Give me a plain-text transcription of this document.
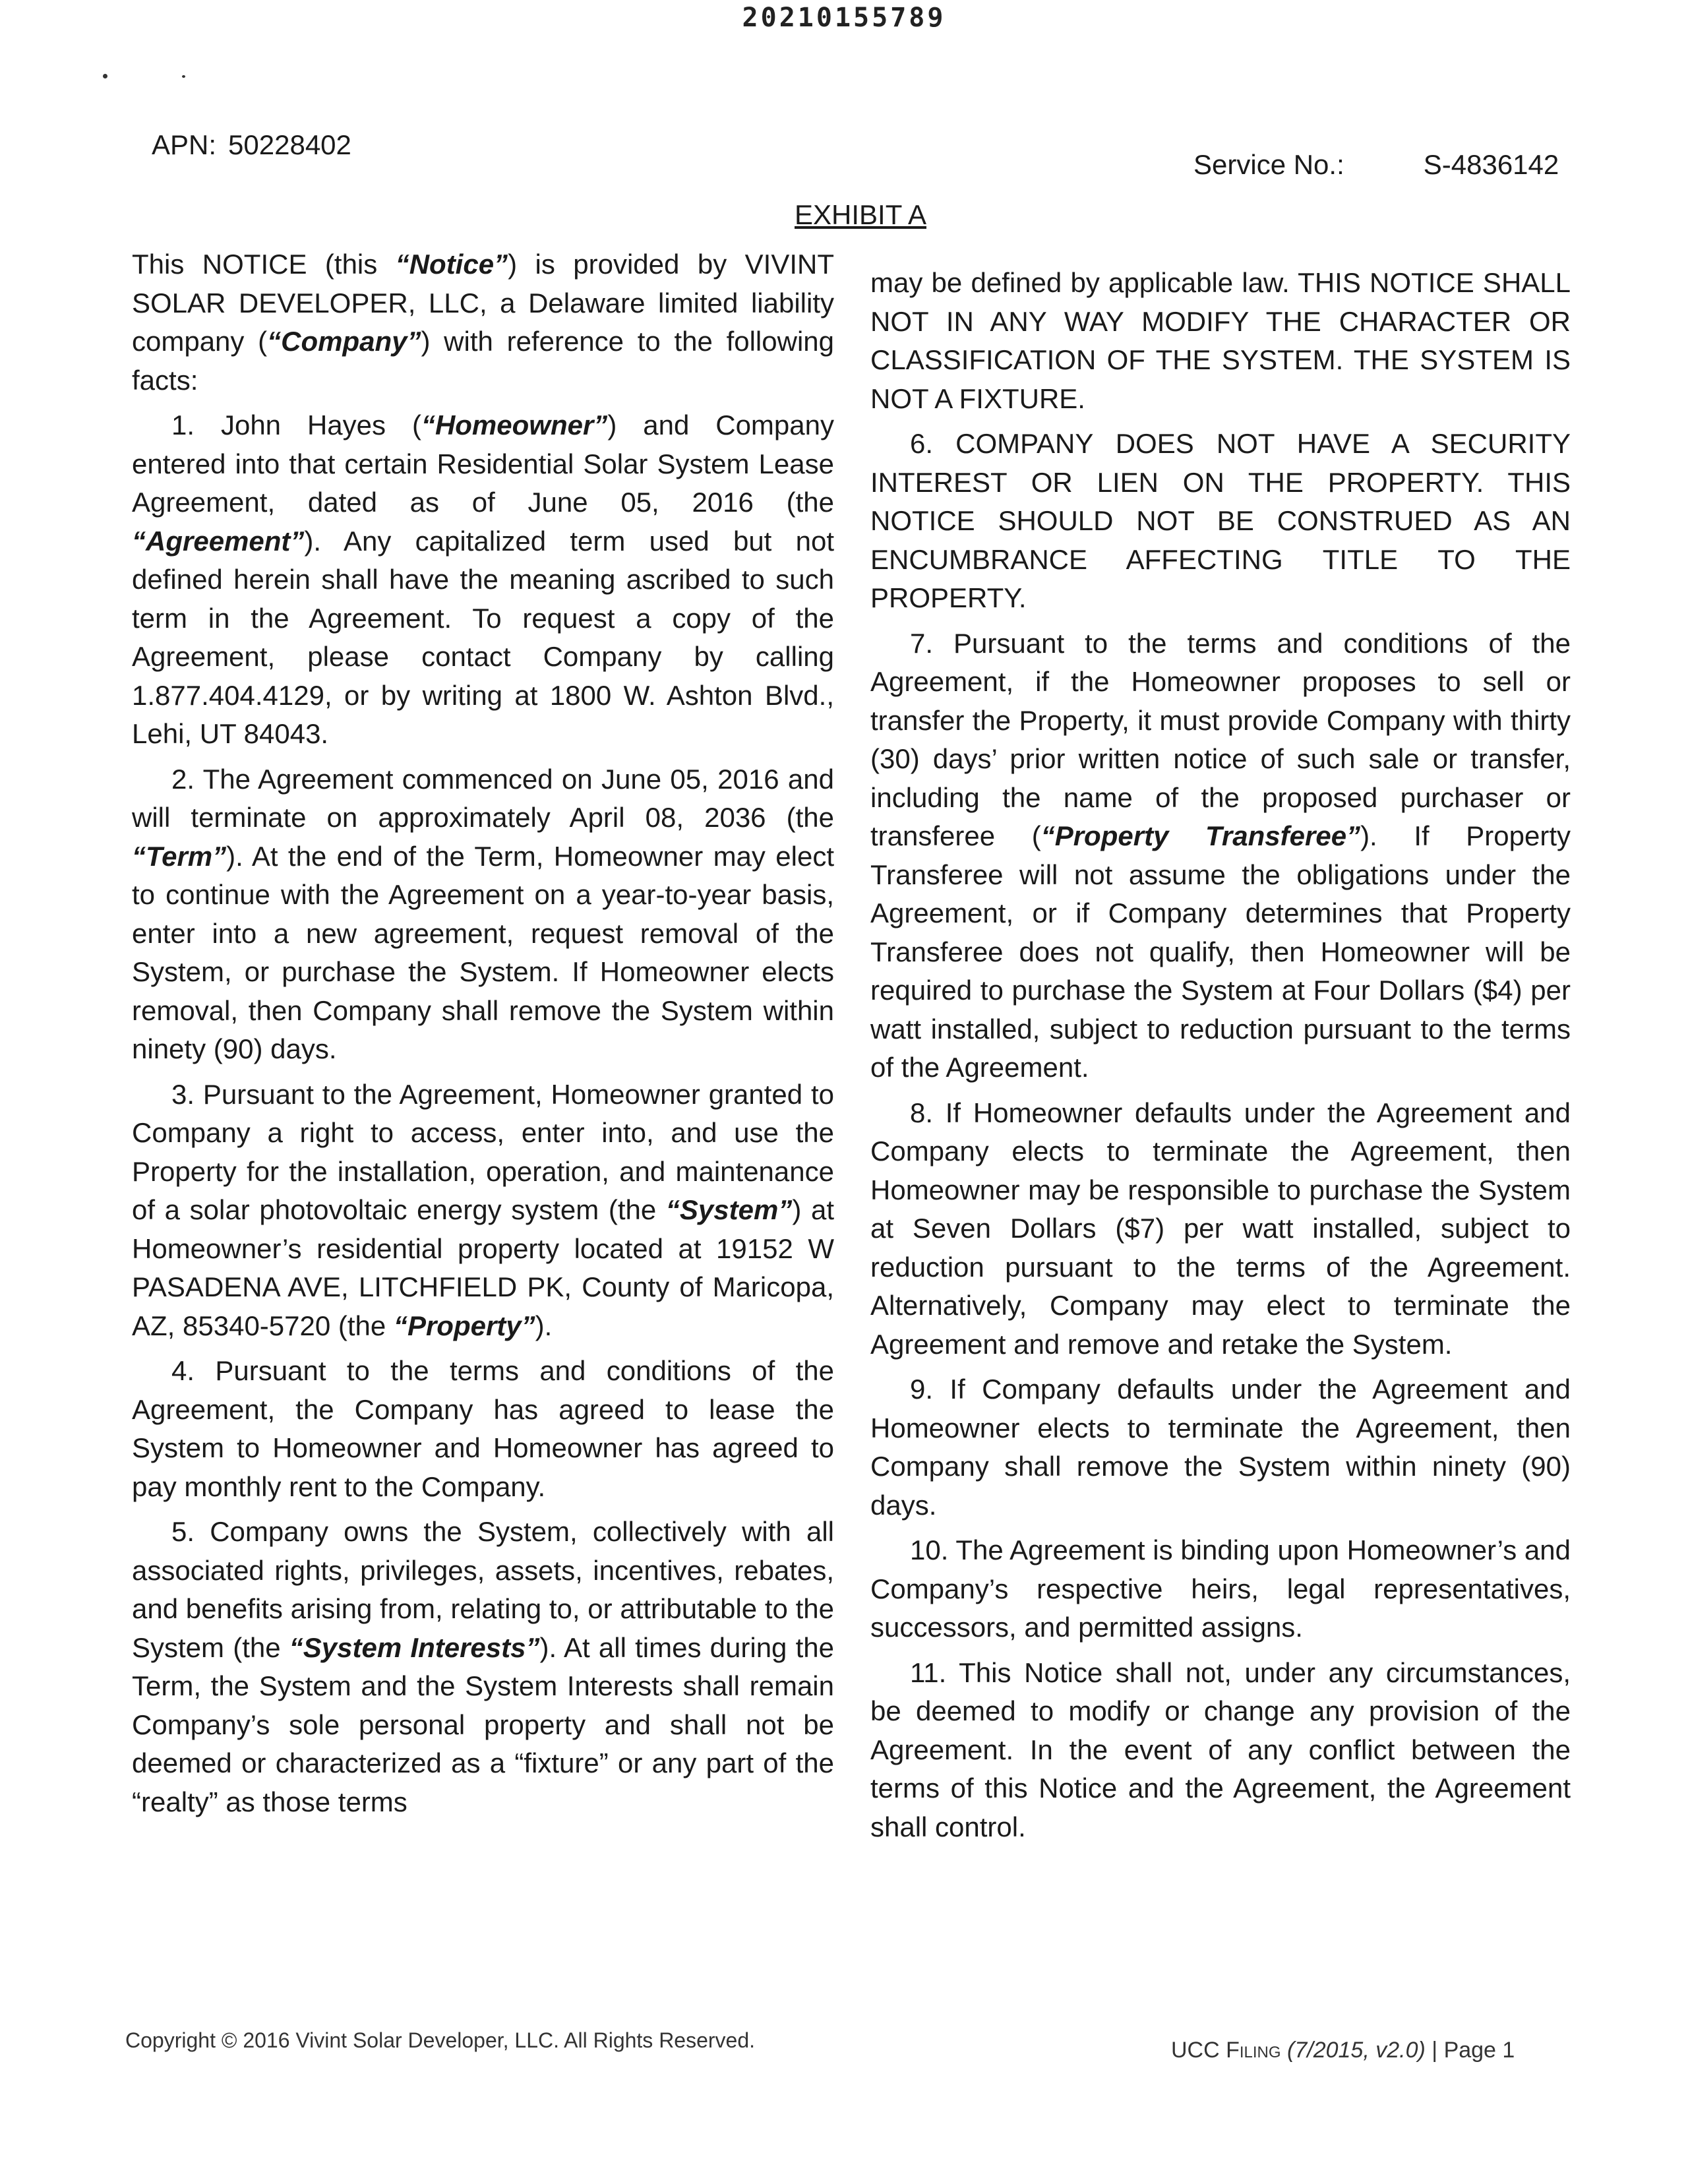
20210155789
APN: 50228402
Service No.:	S-4836142
EXHIBIT A

This NOTICE (this “Notice”) is provided by VIVINT SOLAR DEVELOPER, LLC, a Delaware limited liability company (“Company”) with reference to the following facts:

1. John Hayes (“Homeowner”) and Company entered into that certain Residential Solar System Lease Agreement, dated as of June 05, 2016 (the “Agreement”). Any capitalized term used but not defined herein shall have the meaning ascribed to such term in the Agreement. To request a copy of the Agreement, please contact Company by calling 1.877.404.4129, or by writing at 1800 W. Ashton Blvd., Lehi, UT 84043.

2. The Agreement commenced on June 05, 2016 and will terminate on approximately April 08, 2036 (the “Term”). At the end of the Term, Homeowner may elect to continue with the Agreement on a year-to-year basis, enter into a new agreement, request removal of the System, or purchase the System. If Homeowner elects removal, then Company shall remove the System within ninety (90) days.

3. Pursuant to the Agreement, Homeowner granted to Company a right to access, enter into, and use the Property for the installation, operation, and maintenance of a solar photovoltaic energy system (the “System”) at Homeowner’s residential property located at 19152 W PASADENA AVE, LITCHFIELD PK, County of Maricopa, AZ, 85340-5720 (the “Property”).

4. Pursuant to the terms and conditions of the Agreement, the Company has agreed to lease the System to Homeowner and Homeowner has agreed to pay monthly rent to the Company.

5. Company owns the System, collectively with all associated rights, privileges, assets, incentives, rebates, and benefits arising from, relating to, or attributable to the System (the “System Interests”). At all times during the Term, the System and the System Interests shall remain Company’s sole personal property and shall not be deemed or characterized as a “fixture” or any part of the “realty” as those terms

may be defined by applicable law. THIS NOTICE SHALL NOT IN ANY WAY MODIFY THE CHARACTER OR CLASSIFICATION OF THE SYSTEM. THE SYSTEM IS NOT A FIXTURE.

6. COMPANY DOES NOT HAVE A SECURITY INTEREST OR LIEN ON THE PROPERTY. THIS NOTICE SHOULD NOT BE CONSTRUED AS AN ENCUMBRANCE AFFECTING TITLE TO THE PROPERTY.

7. Pursuant to the terms and conditions of the Agreement, if the Homeowner proposes to sell or transfer the Property, it must provide Company with thirty (30) days’ prior written notice of such sale or transfer, including the name of the proposed purchaser or transferee (“Property Transferee”). If Property Transferee will not assume the obligations under the Agreement, or if Company determines that Property Transferee does not qualify, then Homeowner will be required to purchase the System at Four Dollars ($4) per watt installed, subject to reduction pursuant to the terms of the Agreement.

8. If Homeowner defaults under the Agreement and Company elects to terminate the Agreement, then Homeowner may be responsible to purchase the System at Seven Dollars ($7) per watt installed, subject to reduction pursuant to the terms of the Agreement. Alternatively, Company may elect to terminate the Agreement and remove and retake the System.

9. If Company defaults under the Agreement and Homeowner elects to terminate the Agreement, then Company shall remove the System within ninety (90) days.

10. The Agreement is binding upon Homeowner’s and Company’s respective heirs, legal representatives, successors, and permitted assigns.

11. This Notice shall not, under any circumstances, be deemed to modify or change any provision of the Agreement. In the event of any conflict between the terms of this Notice and the Agreement, the Agreement shall control.

Copyright © 2016 Vivint Solar Developer, LLC. All Rights Reserved.	UCC Filing (7/2015, v2.0) | Page 1
